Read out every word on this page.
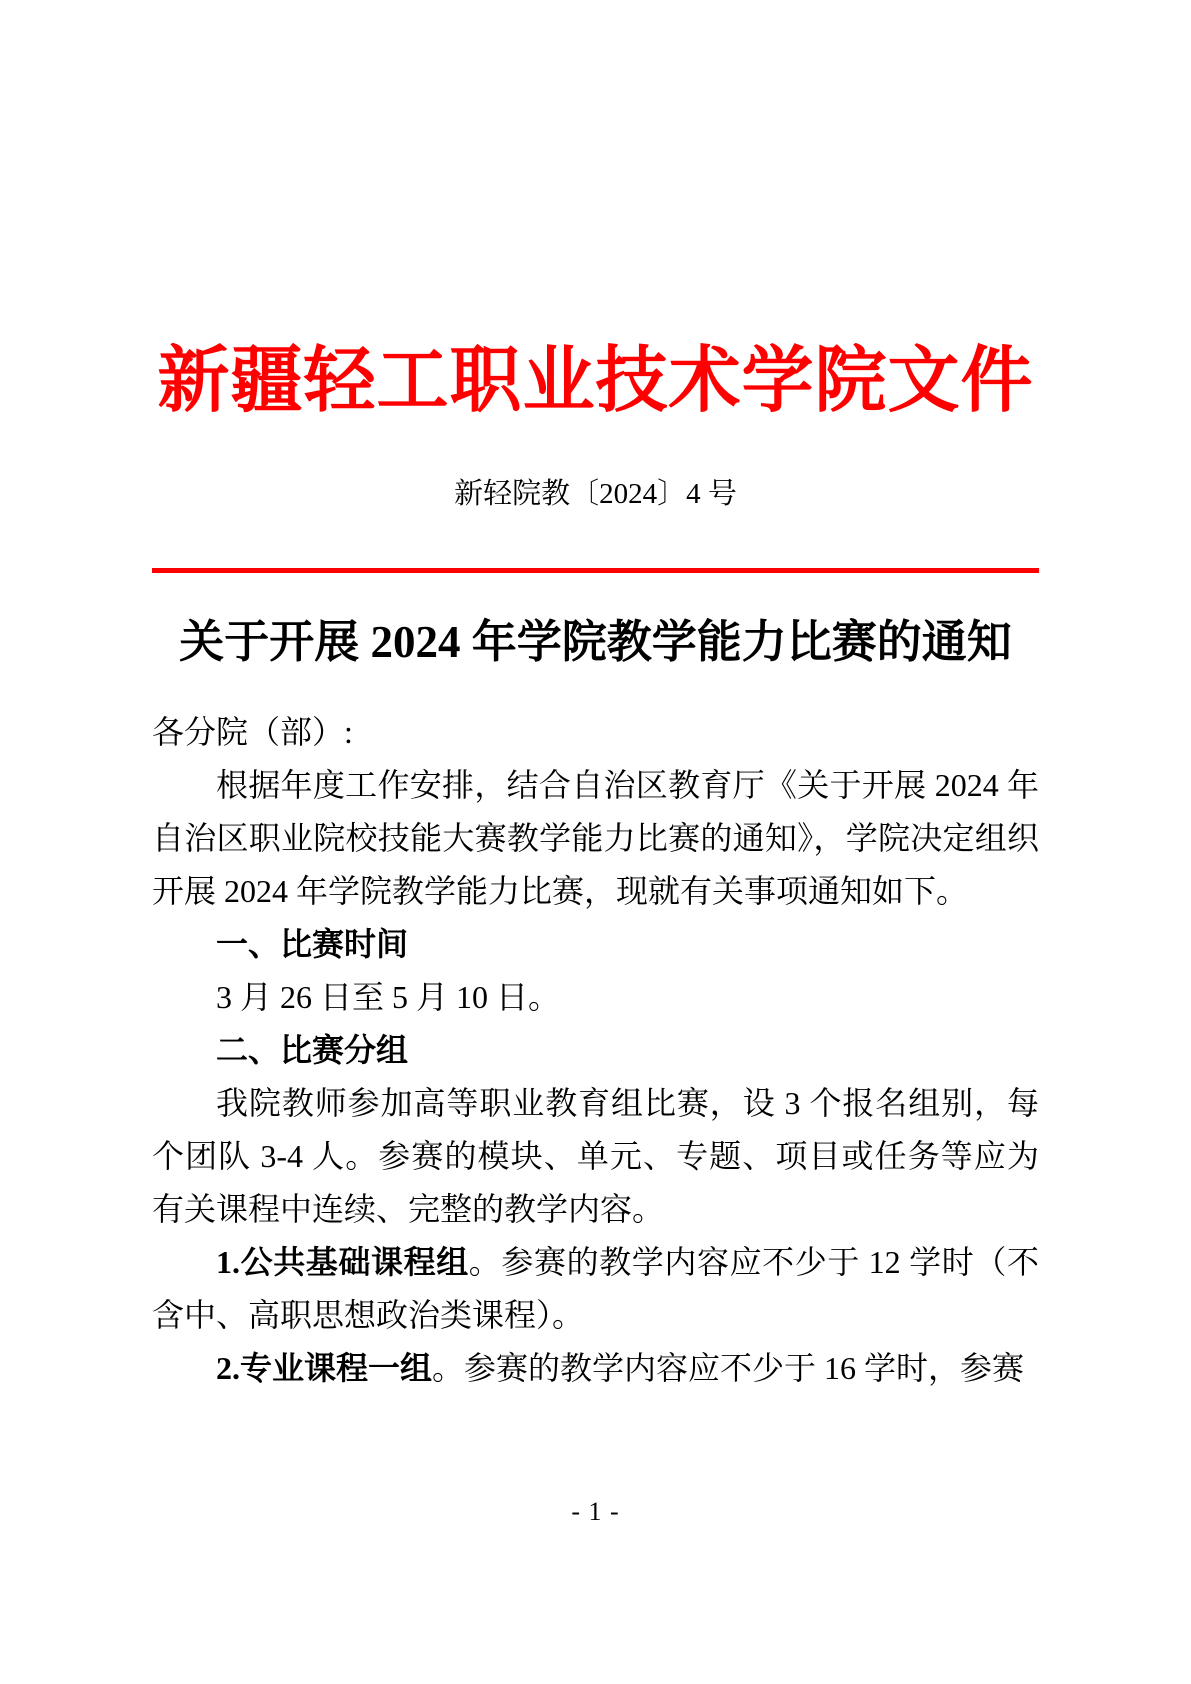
新疆轻工职业技术学院文件
新轻院教〔2024〕4 号
关于开展 2024 年学院教学能力比赛的通知

各分院（部）:

根据年度工作安排，结合自治区教育厅《关于开展 2024 年自治区职业院校技能大赛教学能力比赛的通知》，学院决定组织开展 2024 年学院教学能力比赛，现就有关事项通知如下。

一、比赛时间

3 月 26 日至 5 月 10 日。

二、比赛分组

我院教师参加高等职业教育组比赛，设 3 个报名组别，每个团队 3-4 人。参赛的模块、单元、专题、项目或任务等应为有关课程中连续、完整的教学内容。

1.公共基础课程组。参赛的教学内容应不少于 12 学时（不含中、高职思想政治类课程）。

2.专业课程一组。参赛的教学内容应不少于 16 学时，参赛

- 1 -
